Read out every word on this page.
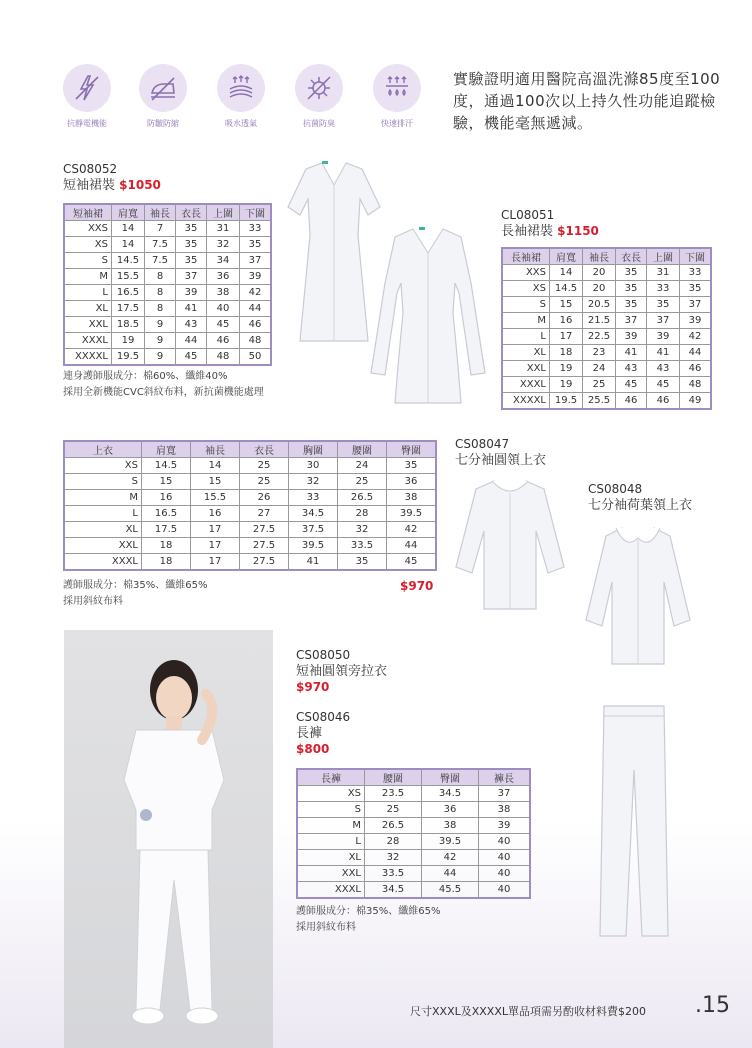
抗靜電機能	防皺防縮	吸水透氣	抗菌防臭	快速排汗
實驗證明適用醫院高溫洗滌85度至100度，通過100次以上持久性功能追蹤檢驗，機能毫無遞減。
CS08052
短袖裙裝 $1050
短袖裙	肩寬	袖長	衣長	上圍	下圍
XXS	14	7	35	31	33
XS	14	7.5	35	32	35
S	14.5	7.5	35	34	37
M	15.5	8	37	36	39
L	16.5	8	39	38	42
XL	17.5	8	41	40	44
XXL	18.5	9	43	45	46
XXXL	19	9	44	46	48
XXXXL	19.5	9	45	48	50
連身護師服成分：棉60%、纖維40%
採用全新機能CVC斜紋布料，新抗菌機能處理
CL08051
長袖裙裝 $1150
長袖裙	肩寬	袖長	衣長	上圍	下圍
XXS	14	20	35	31	33
XS	14.5	20	35	33	35
S	15	20.5	35	35	37
M	16	21.5	37	37	39
L	17	22.5	39	39	42
XL	18	23	41	41	44
XXL	19	24	43	43	46
XXXL	19	25	45	45	48
XXXXL	19.5	25.5	46	46	49
上衣	肩寬	袖長	衣長	胸圍	腰圍	臀圍
XS	14.5	14	25	30	24	35
S	15	15	25	32	25	36
M	16	15.5	26	33	26.5	38
L	16.5	16	27	34.5	28	39.5
XL	17.5	17	27.5	37.5	32	42
XXL	18	17	27.5	39.5	33.5	44
XXXL	18	17	27.5	41	35	45
護師服成分：棉35%、纖維65%
採用斜紋布料
$970
CS08047
七分袖圓領上衣
CS08048
七分袖荷葉領上衣
CS08050
短袖圓領旁拉衣
$970
CS08046
長褲
$800
長褲	腰圍	臀圍	褲長
XS	23.5	34.5	37
S	25	36	38
M	26.5	38	39
L	28	39.5	40
XL	32	42	40
XXL	33.5	44	40
XXXL	34.5	45.5	40
護師服成分：棉35%、纖維65%
採用斜紋布料
尺寸XXXL及XXXXL單品項需另酌收材料費$200 .15
